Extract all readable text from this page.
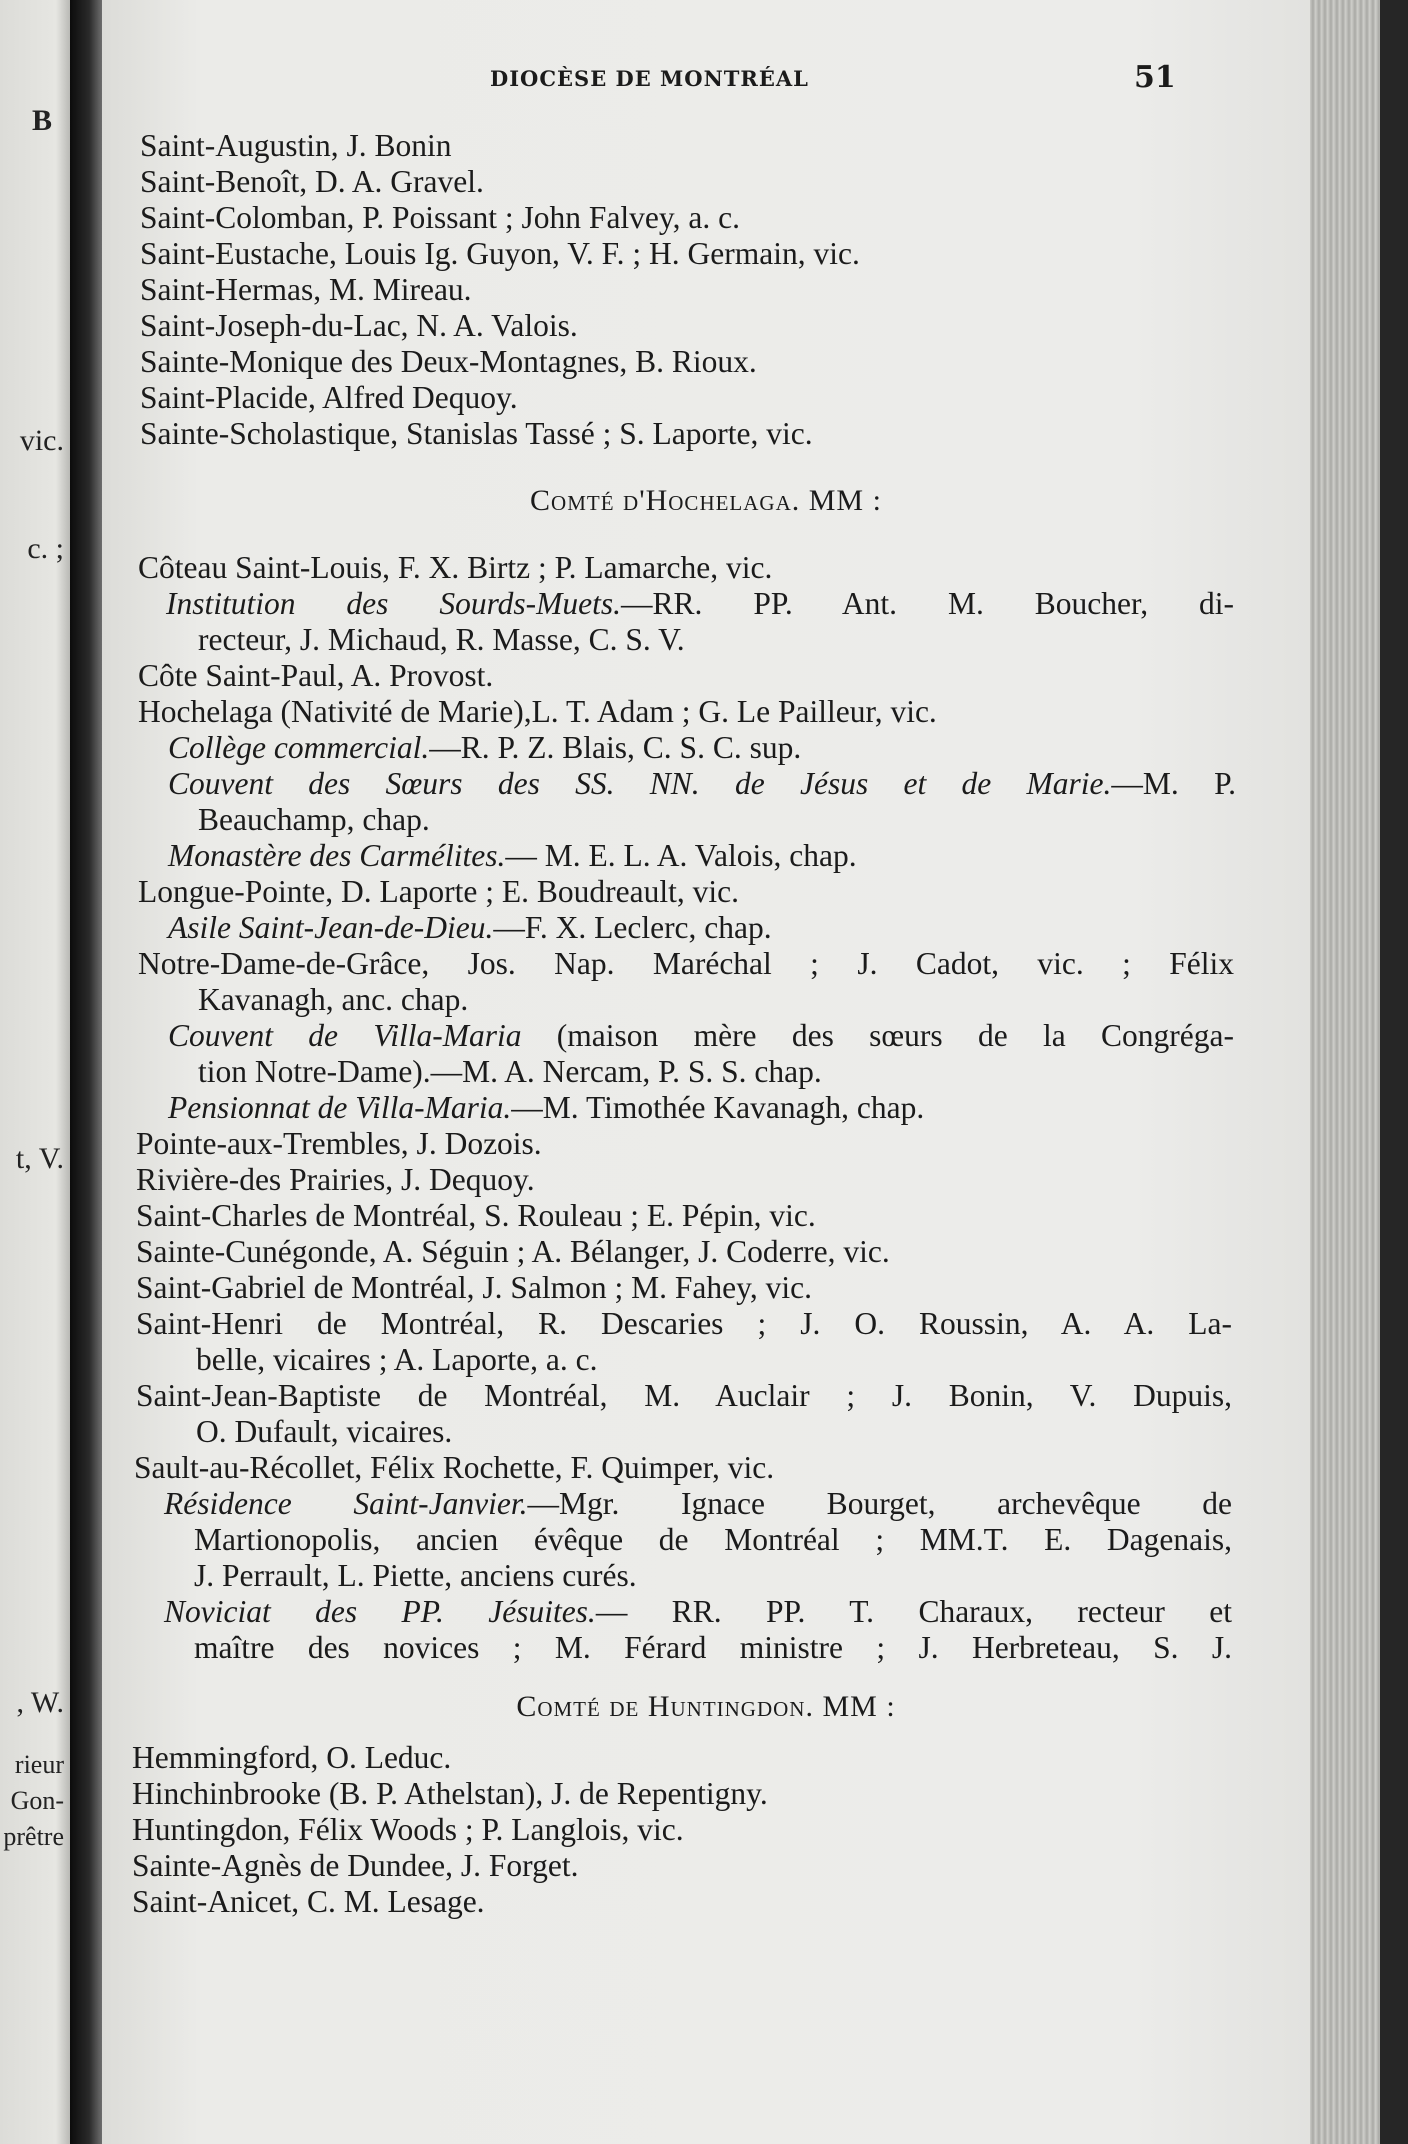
B
vic.
c. ;
t, V.
, W.
rieur
Gon-
prêtre
DIOCÈSE DE MONTRÉAL	51
Saint-Augustin, J. Bonin
Saint-Benoît, D. A. Gravel.
Saint-Colomban, P. Poissant ; John Falvey, a. c.
Saint-Eustache, Louis Ig. Guyon, V. F. ; H. Germain, vic.
Saint-Hermas, M. Mireau.
Saint-Joseph-du-Lac, N. A. Valois.
Sainte-Monique des Deux-Montagnes, B. Rioux.
Saint-Placide, Alfred Dequoy.
Sainte-Scholastique, Stanislas Tassé ; S. Laporte, vic.
Comté d'Hochelaga. MM :
Côteau Saint-Louis, F. X. Birtz ; P. Lamarche, vic.
Institution des Sourds-Muets.—RR. PP. Ant. M. Boucher, di-
recteur, J. Michaud, R. Masse, C. S. V.
Côte Saint-Paul, A. Provost.
Hochelaga (Nativité de Marie),L. T. Adam ; G. Le Pailleur, vic.
Collège commercial.—R. P. Z. Blais, C. S. C. sup.
Couvent des Sœurs des SS. NN. de Jésus et de Marie.—M. P.
Beauchamp, chap.
Monastère des Carmélites.— M. E. L. A. Valois, chap.
Longue-Pointe, D. Laporte ; E. Boudreault, vic.
Asile Saint-Jean-de-Dieu.—F. X. Leclerc, chap.
Notre-Dame-de-Grâce, Jos. Nap. Maréchal ; J. Cadot, vic. ; Félix
Kavanagh, anc. chap.
Couvent de Villa-Maria (maison mère des sœurs de la Congréga-
tion Notre-Dame).—M. A. Nercam, P. S. S. chap.
Pensionnat de Villa-Maria.—M. Timothée Kavanagh, chap.
Pointe-aux-Trembles, J. Dozois.
Rivière-des Prairies, J. Dequoy.
Saint-Charles de Montréal, S. Rouleau ; E. Pépin, vic.
Sainte-Cunégonde, A. Séguin ; A. Bélanger, J. Coderre, vic.
Saint-Gabriel de Montréal, J. Salmon ; M. Fahey, vic.
Saint-Henri de Montréal, R. Descaries ; J. O. Roussin, A. A. La-
belle, vicaires ; A. Laporte, a. c.
Saint-Jean-Baptiste de Montréal, M. Auclair ; J. Bonin, V. Dupuis,
O. Dufault, vicaires.
Sault-au-Récollet, Félix Rochette, F. Quimper, vic.
Résidence Saint-Janvier.—Mgr. Ignace Bourget, archevêque de
Martionopolis, ancien évêque de Montréal ; MM.T. E. Dagenais,
J. Perrault, L. Piette, anciens curés.
Noviciat des PP. Jésuites.— RR. PP. T. Charaux, recteur et
maître des novices ; M. Férard ministre ; J. Herbreteau, S. J.
Comté de Huntingdon. MM :
Hemmingford, O. Leduc.
Hinchinbrooke (B. P. Athelstan), J. de Repentigny.
Huntingdon, Félix Woods ; P. Langlois, vic.
Sainte-Agnès de Dundee, J. Forget.
Saint-Anicet, C. M. Lesage.
